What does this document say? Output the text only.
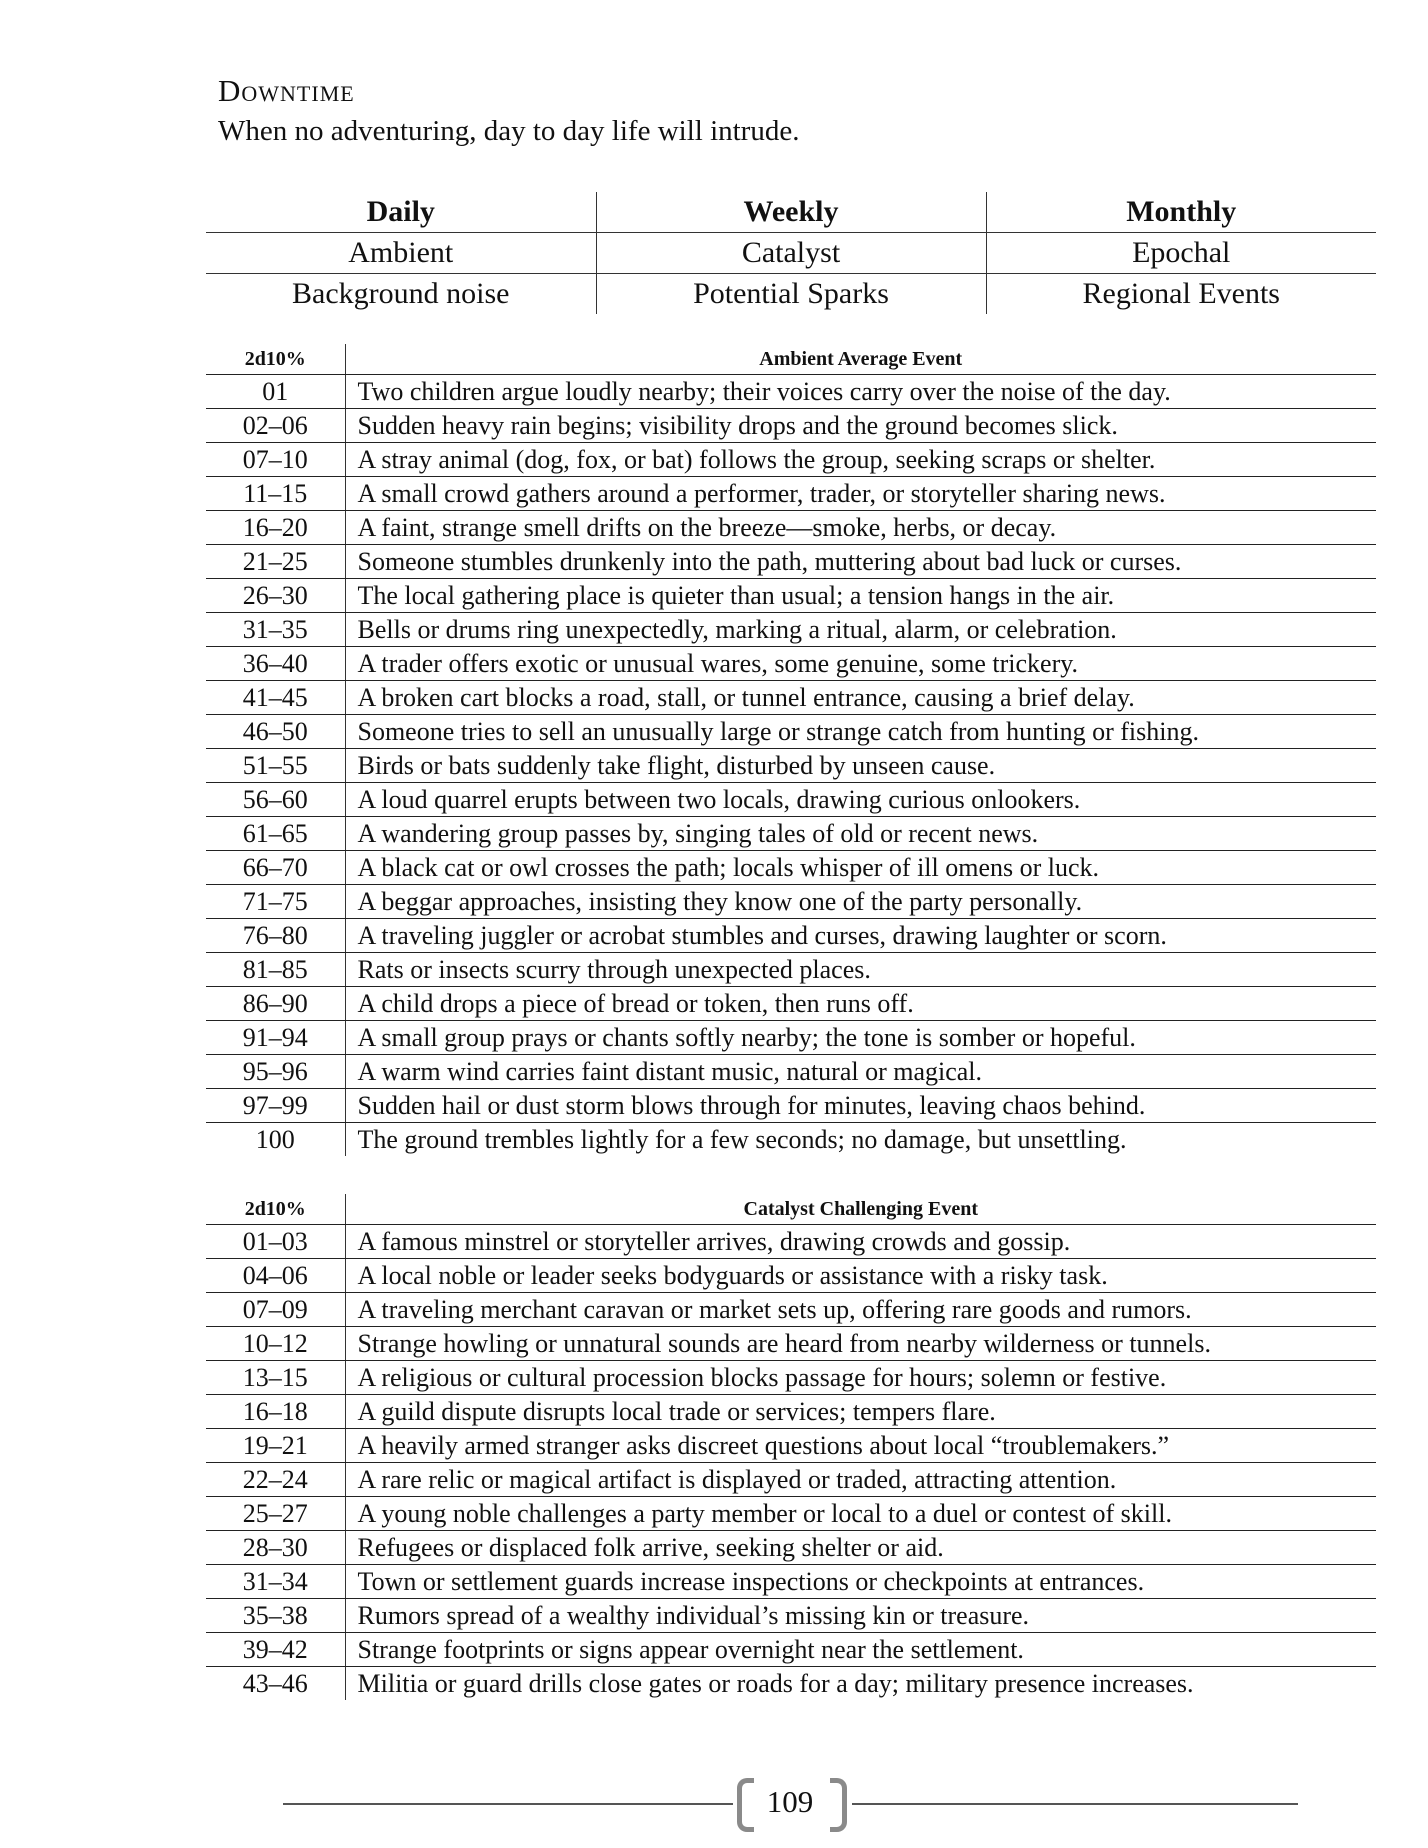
Downtime

When no adventuring, day to day life will intrude.

Daily	Weekly	Monthly
Ambient	Catalyst	Epochal
Background noise	Potential Sparks	Regional Events
2d10%	Ambient Average Event
01	Two children argue loudly nearby; their voices carry over the noise of the day.
02–06	Sudden heavy rain begins; visibility drops and the ground becomes slick.
07–10	A stray animal (dog, fox, or bat) follows the group, seeking scraps or shelter.
11–15	A small crowd gathers around a performer, trader, or storyteller sharing news.
16–20	A faint, strange smell drifts on the breeze—smoke, herbs, or decay.
21–25	Someone stumbles drunkenly into the path, muttering about bad luck or curses.
26–30	The local gathering place is quieter than usual; a tension hangs in the air.
31–35	Bells or drums ring unexpectedly, marking a ritual, alarm, or celebration.
36–40	A trader offers exotic or unusual wares, some genuine, some trickery.
41–45	A broken cart blocks a road, stall, or tunnel entrance, causing a brief delay.
46–50	Someone tries to sell an unusually large or strange catch from hunting or fishing.
51–55	Birds or bats suddenly take flight, disturbed by unseen cause.
56–60	A loud quarrel erupts between two locals, drawing curious onlookers.
61–65	A wandering group passes by, singing tales of old or recent news.
66–70	A black cat or owl crosses the path; locals whisper of ill omens or luck.
71–75	A beggar approaches, insisting they know one of the party personally.
76–80	A traveling juggler or acrobat stumbles and curses, drawing laughter or scorn.
81–85	Rats or insects scurry through unexpected places.
86–90	A child drops a piece of bread or token, then runs off.
91–94	A small group prays or chants softly nearby; the tone is somber or hopeful.
95–96	A warm wind carries faint distant music, natural or magical.
97–99	Sudden hail or dust storm blows through for minutes, leaving chaos behind.
100	The ground trembles lightly for a few seconds; no damage, but unsettling.
2d10%	Catalyst Challenging Event
01–03	A famous minstrel or storyteller arrives, drawing crowds and gossip.
04–06	A local noble or leader seeks bodyguards or assistance with a risky task.
07–09	A traveling merchant caravan or market sets up, offering rare goods and rumors.
10–12	Strange howling or unnatural sounds are heard from nearby wilderness or tunnels.
13–15	A religious or cultural procession blocks passage for hours; solemn or festive.
16–18	A guild dispute disrupts local trade or services; tempers flare.
19–21	A heavily armed stranger asks discreet questions about local “troublemakers.”
22–24	A rare relic or magical artifact is displayed or traded, attracting attention.
25–27	A young noble challenges a party member or local to a duel or contest of skill.
28–30	Refugees or displaced folk arrive, seeking shelter or aid.
31–34	Town or settlement guards increase inspections or checkpoints at entrances.
35–38	Rumors spread of a wealthy individual’s missing kin or treasure.
39–42	Strange footprints or signs appear overnight near the settlement.
43–46	Militia or guard drills close gates or roads for a day; military presence increases.
109
